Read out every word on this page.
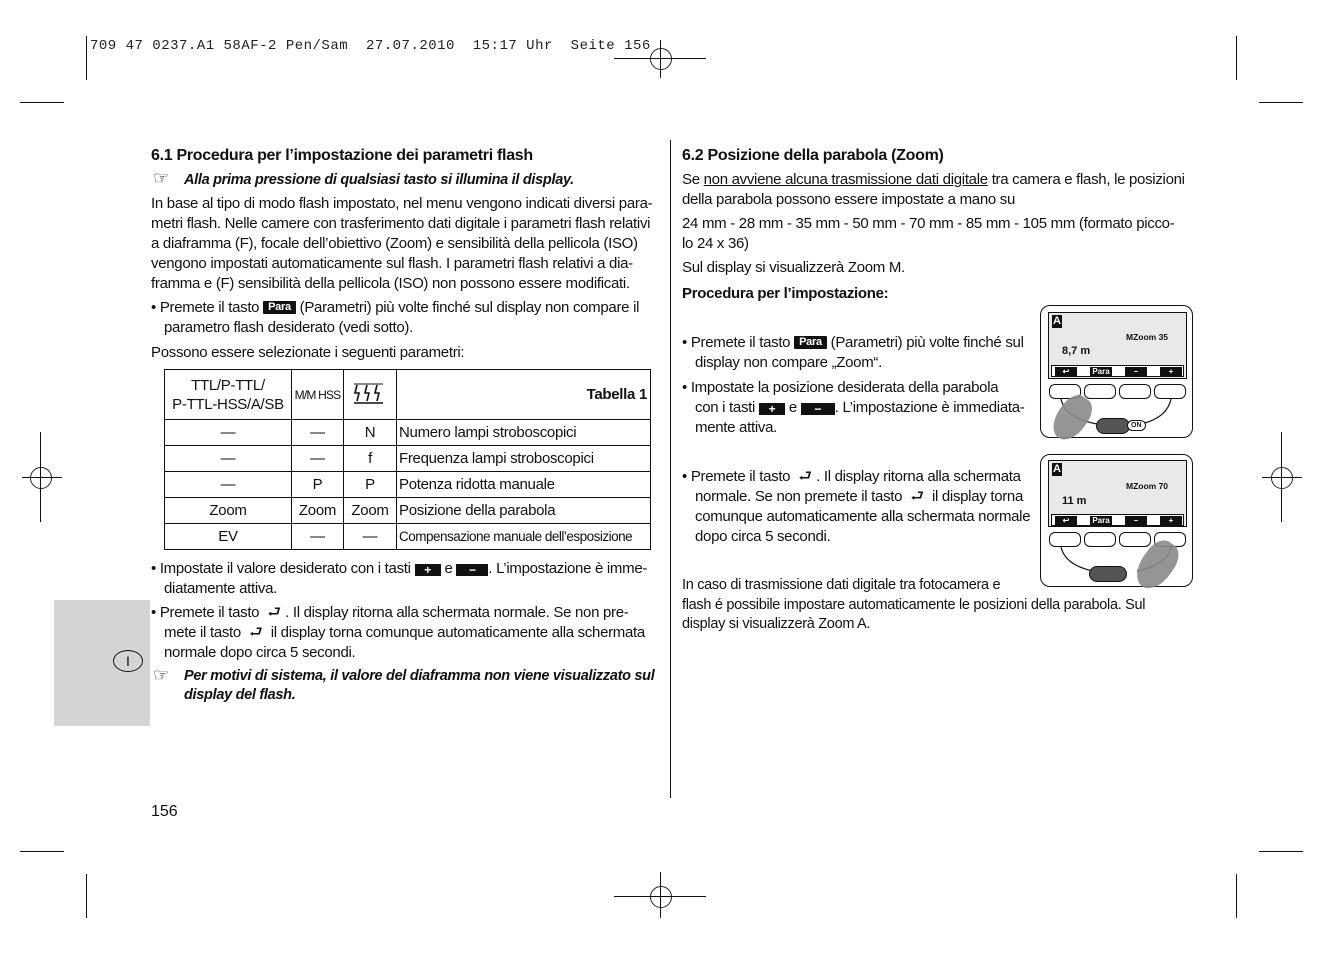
709 47 0237.A1 58AF-2 Pen/Sam  27.07.2010  15:17 Uhr  Seite 156
I
6.1 Procedura per l’impostazione dei parametri flash
☞ Alla prima pressione di qualsiasi tasto si illumina il display.
In base al tipo di modo flash impostato, nel menu vengono indicati diversi para-
metri flash. Nelle camere con trasferimento dati digitale i parametri flash relativi
a diaframma (F), focale dell’obiettivo (Zoom) e sensibilità della pellicola (ISO)
vengono impostati automaticamente sul flash. I parametri flash relativi a dia-
framma e (F) sensibilità della pellicola (ISO) non possono essere modificati.
• Premete il tasto Para (Parametri) più volte finché sul display non compare il
parametro flash desiderato (vedi sotto).
Possono essere selezionate i seguenti parametri:
TTL/P-TTL/
P-TTL-HSS/A/SB	M/M HSS		Tabella 1
—	—	N	Numero lampi stroboscopici
—	—	f	Frequenza lampi stroboscopici
—	P	P	Potenza ridotta manuale
Zoom	Zoom	Zoom	Posizione della parabola
EV	—	—	Compensazione manuale dell’esposizione
• Impostate il valore desiderato con i tasti + e − . L’impostazione è imme-
diatamente attiva.
• Premete il tasto ⮐ . Il display ritorna alla schermata normale. Se non pre-
mete il tasto ⮐ il display torna comunque automaticamente alla schermata
normale dopo circa 5 secondi.
☞ Per motivi di sistema, il valore del diaframma non viene visualizzato sul
display del flash.
156
6.2 Posizione della parabola (Zoom)
Se non avviene alcuna trasmissione dati digitale tra camera e flash, le posizioni
della parabola possono essere impostate a mano su
24 mm - 28 mm - 35 mm - 50 mm - 70 mm - 85 mm - 105 mm (formato picco-
lo 24 x 36)
Sul display si visualizzerà Zoom M.
Procedura per l’impostazione:
• Premete il tasto Para (Parametri) più volte finché sul
display non compare „Zoom“.
• Impostate la posizione desiderata della parabola
con i tasti + e − . L’impostazione è immediata-
mente attiva.
• Premete il tasto ⮐ . Il display ritorna alla schermata
normale. Se non premete il tasto ⮐ il display torna
comunque automaticamente alla schermata normale
dopo circa 5 secondi.
In caso di trasmissione dati digitale tra fotocamera e
flash é possibile impostare automaticamente le posizioni della parabola. Sul
display si visualizzerà Zoom A.
A
MZoom 35
8,7 m
↩	Para	–	+
ON
A
MZoom 70
11 m
↩	Para	–	+
